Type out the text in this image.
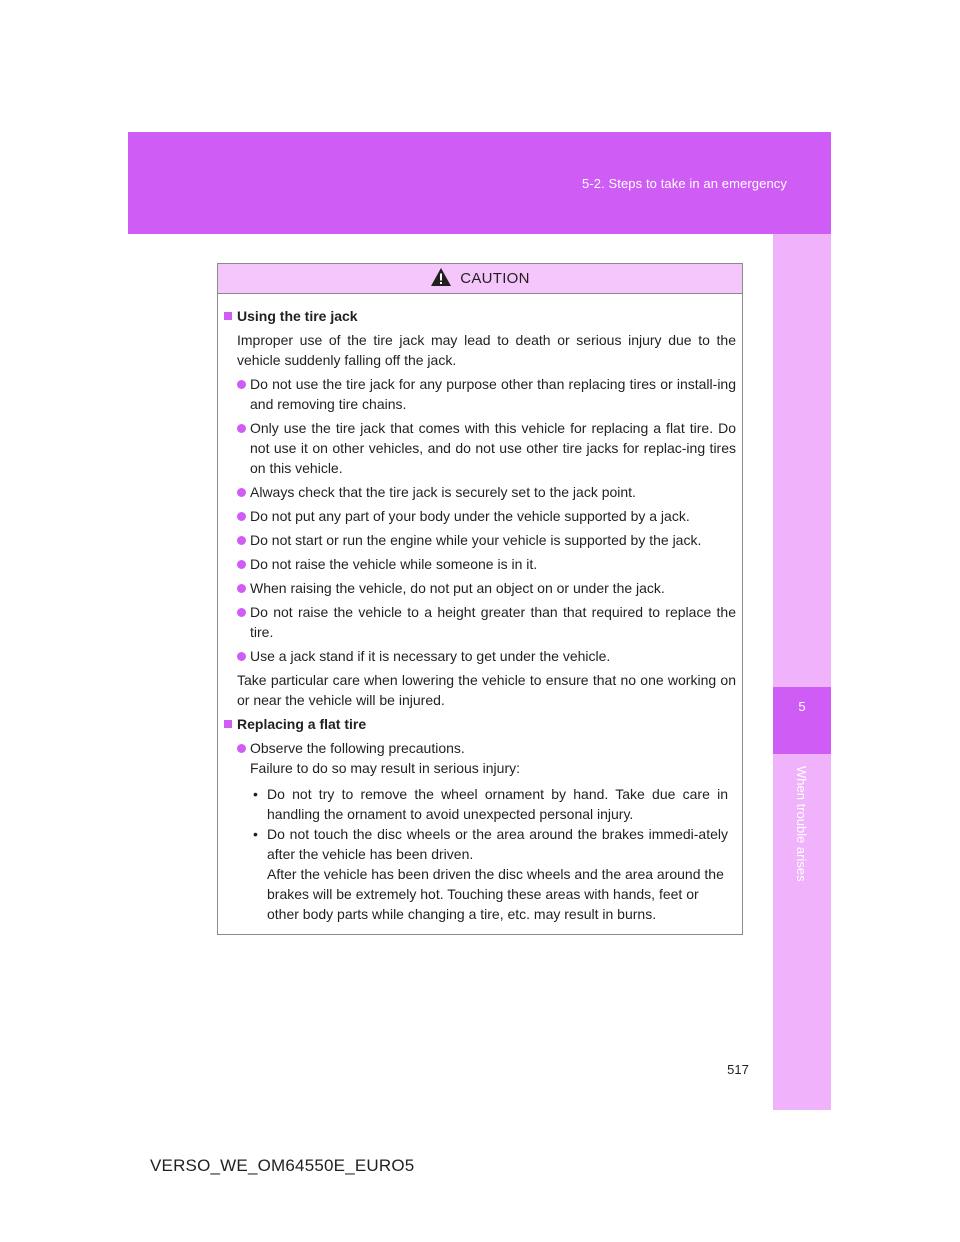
5-2. Steps to take in an emergency
5
When trouble arises
CAUTION
Using the tire jack
Improper use of the tire jack may lead to death or serious injury due to the vehicle suddenly falling off the jack.
Do not use the tire jack for any purpose other than replacing tires or install-ing and removing tire chains.
Only use the tire jack that comes with this vehicle for replacing a flat tire. Do not use it on other vehicles, and do not use other tire jacks for replac-ing tires on this vehicle.
Always check that the tire jack is securely set to the jack point.
Do not put any part of your body under the vehicle supported by a jack.
Do not start or run the engine while your vehicle is supported by the jack.
Do not raise the vehicle while someone is in it.
When raising the vehicle, do not put an object on or under the jack.
Do not raise the vehicle to a height greater than that required to replace the tire.
Use a jack stand if it is necessary to get under the vehicle.
Take particular care when lowering the vehicle to ensure that no one working on or near the vehicle will be injured.
Replacing a flat tire
Observe the following precautions.
Failure to do so may result in serious injury:
• Do not try to remove the wheel ornament by hand. Take due care in handling the ornament to avoid unexpected personal injury.
• Do not touch the disc wheels or the area around the brakes immedi-ately after the vehicle has been driven.
After the vehicle has been driven the disc wheels and the area around the brakes will be extremely hot. Touching these areas with hands, feet or other body parts while changing a tire, etc. may result in burns.
517
VERSO_WE_OM64550E_EURO5
